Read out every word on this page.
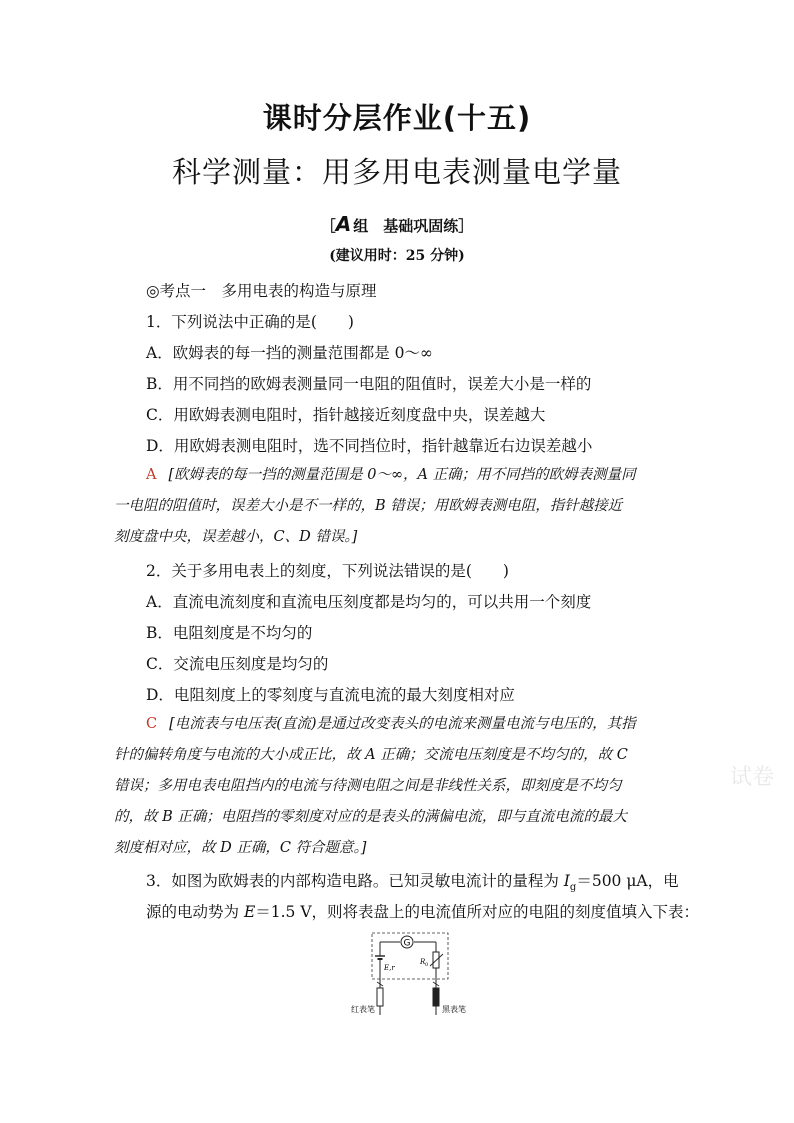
课时分层作业(十五)
科学测量：用多用电表测量电学量
［A 组　基础巩固练］
(建议用时：25 分钟)
◎考点一　多用电表的构造与原理
1．下列说法中正确的是(　　)
A．欧姆表的每一挡的测量范围都是 0～∞
B．用不同挡的欧姆表测量同一电阻的阻值时，误差大小是一样的
C．用欧姆表测电阻时，指针越接近刻度盘中央，误差越大
D．用欧姆表测电阻时，选不同挡位时，指针越靠近右边误差越小
A [欧姆表的每一挡的测量范围是 0～∞，A 正确；用不同挡的欧姆表测量同
一电阻的阻值时，误差大小是不一样的，B 错误；用欧姆表测电阻，指针越接近
刻度盘中央，误差越小，C、D 错误。]
2．关于多用电表上的刻度，下列说法错误的是(　　)
A．直流电流刻度和直流电压刻度都是均匀的，可以共用一个刻度
B．电阻刻度是不均匀的
C．交流电压刻度是均匀的
D．电阻刻度上的零刻度与直流电流的最大刻度相对应
C [电流表与电压表(直流)是通过改变表头的电流来测量电流与电压的，其指
针的偏转角度与电流的大小成正比，故 A 正确；交流电压刻度是不均匀的，故 C
错误；多用电表电阻挡内的电流与待测电阻之间是非线性关系，即刻度是不均匀
的，故 B 正确；电阻挡的零刻度对应的是表头的满偏电流，即与直流电流的最大
刻度相对应，故 D 正确，C 符合题意。]
试卷
3．如图为欧姆表的内部构造电路。已知灵敏电流计的量程为 $I_g=500$ μA，电
源的电动势为 E＝1.5 V，则将表盘上的电流值所对应的电阻的刻度值填入下表：
G
E,r
R 0
红表笔	黑表笔
